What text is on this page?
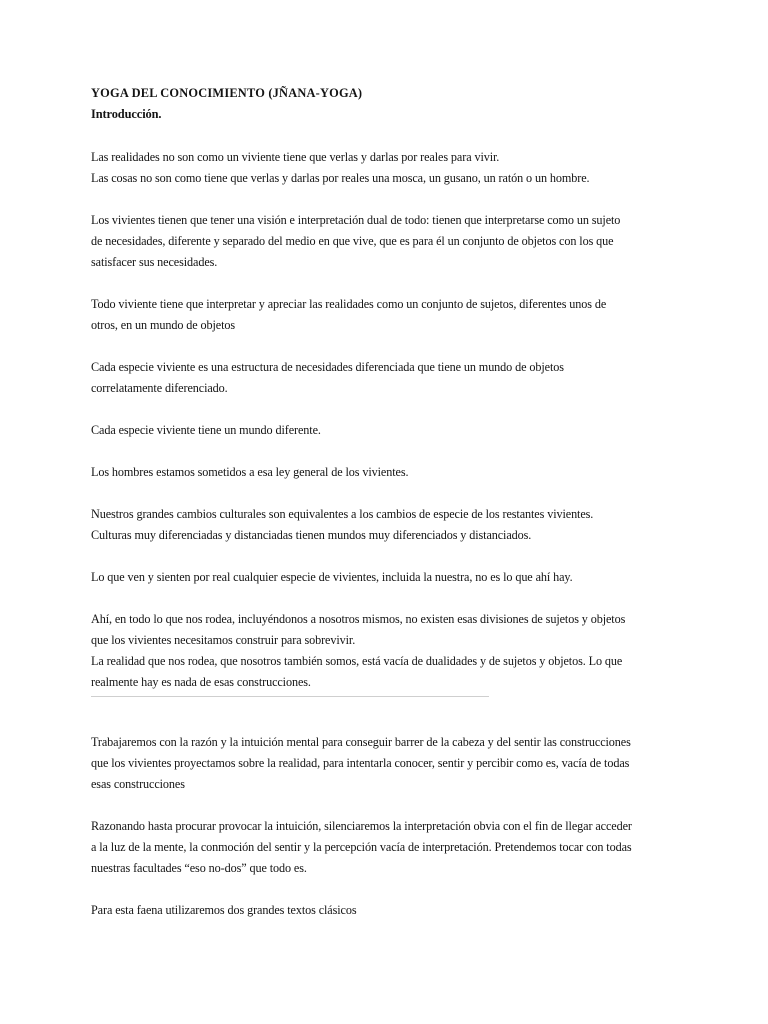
YOGA DEL CONOCIMIENTO (JÑANA-YOGA)

Introducción.

Las realidades no son como un viviente tiene que verlas y darlas por reales para vivir.
Las cosas no son como tiene que verlas y darlas por reales una mosca, un gusano, un ratón o un hombre.

Los vivientes tienen que tener una visión e interpretación dual de todo: tienen que interpretarse como un sujeto
de necesidades, diferente y separado del medio en que vive, que es para él un conjunto de objetos con los que
satisfacer sus necesidades.

Todo viviente tiene que interpretar y apreciar las realidades como un conjunto de sujetos, diferentes unos de
otros, en un mundo de objetos

Cada especie viviente es una estructura de necesidades diferenciada que tiene un mundo de objetos
correlatamente diferenciado.

Cada especie viviente tiene un mundo diferente.

Los hombres estamos sometidos a esa ley general de los vivientes.

Nuestros grandes cambios culturales son equivalentes a los cambios de especie de los restantes vivientes.
Culturas muy diferenciadas y distanciadas tienen mundos muy diferenciados y distanciados.

Lo que ven y sienten por real cualquier especie de vivientes, incluida la nuestra, no es lo que ahí hay.

Ahí, en todo lo que nos rodea, incluyéndonos a nosotros mismos, no existen esas divisiones de sujetos y objetos
que los vivientes necesitamos construir para sobrevivir.
La realidad que nos rodea, que nosotros también somos, está vacía de dualidades y de sujetos y objetos. Lo que
realmente hay es nada de esas construcciones.

Trabajaremos con la razón y la intuición mental para conseguir barrer de la cabeza y del sentir las construcciones
que los vivientes proyectamos sobre la realidad, para intentarla conocer, sentir y percibir como es, vacía de todas
esas construcciones

Razonando hasta procurar provocar la intuición, silenciaremos la interpretación obvia con el fin de llegar acceder
a la luz de la mente, la conmoción del sentir y la percepción vacía de interpretación. Pretendemos tocar con todas
nuestras facultades “eso no-dos” que todo es.

Para esta faena utilizaremos dos grandes textos clásicos
